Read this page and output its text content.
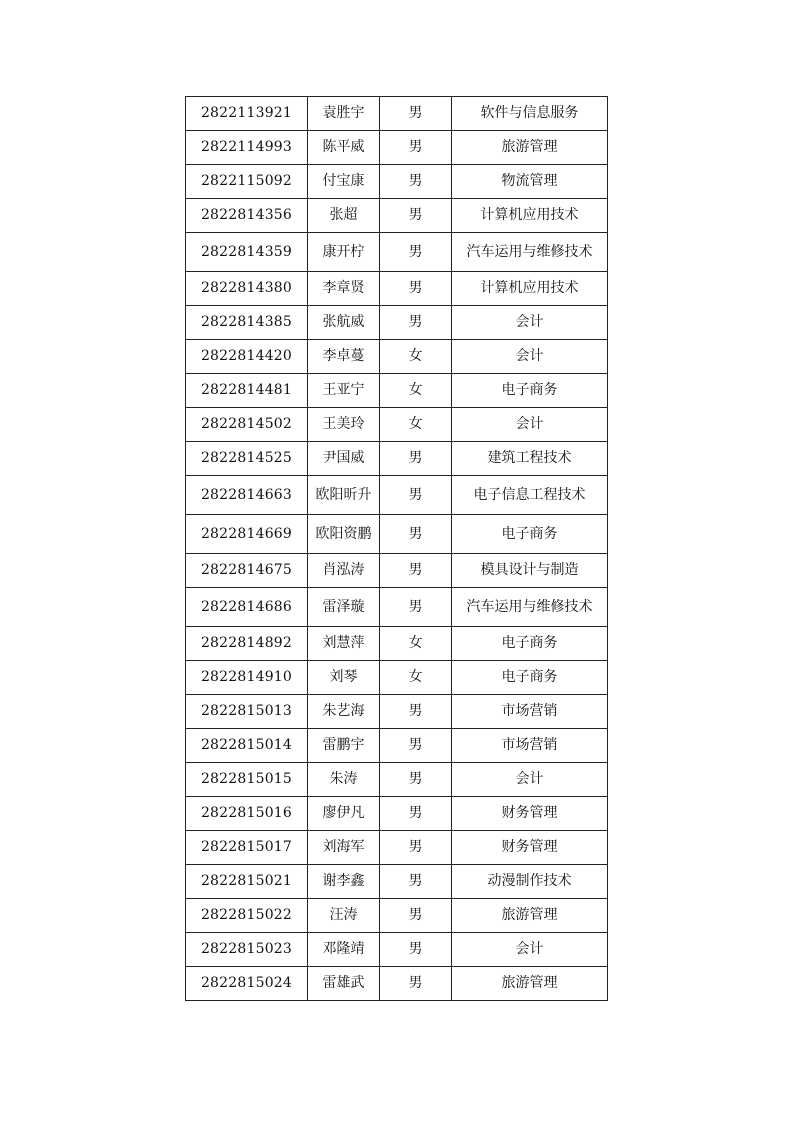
2822113921	袁胜宇	男	软件与信息服务
2822114993	陈平威	男	旅游管理
2822115092	付宝康	男	物流管理
2822814356	张超	男	计算机应用技术
2822814359	康开柠	男	汽车运用与维修技术
2822814380	李章贤	男	计算机应用技术
2822814385	张航威	男	会计
2822814420	李卓蔓	女	会计
2822814481	王亚宁	女	电子商务
2822814502	王美玲	女	会计
2822814525	尹国威	男	建筑工程技术
2822814663	欧阳昕升	男	电子信息工程技术
2822814669	欧阳资鹏	男	电子商务
2822814675	肖泓涛	男	模具设计与制造
2822814686	雷泽璇	男	汽车运用与维修技术
2822814892	刘慧萍	女	电子商务
2822814910	刘琴	女	电子商务
2822815013	朱艺海	男	市场营销
2822815014	雷鹏宇	男	市场营销
2822815015	朱涛	男	会计
2822815016	廖伊凡	男	财务管理
2822815017	刘海军	男	财务管理
2822815021	谢李鑫	男	动漫制作技术
2822815022	汪涛	男	旅游管理
2822815023	邓隆靖	男	会计
2822815024	雷雄武	男	旅游管理
